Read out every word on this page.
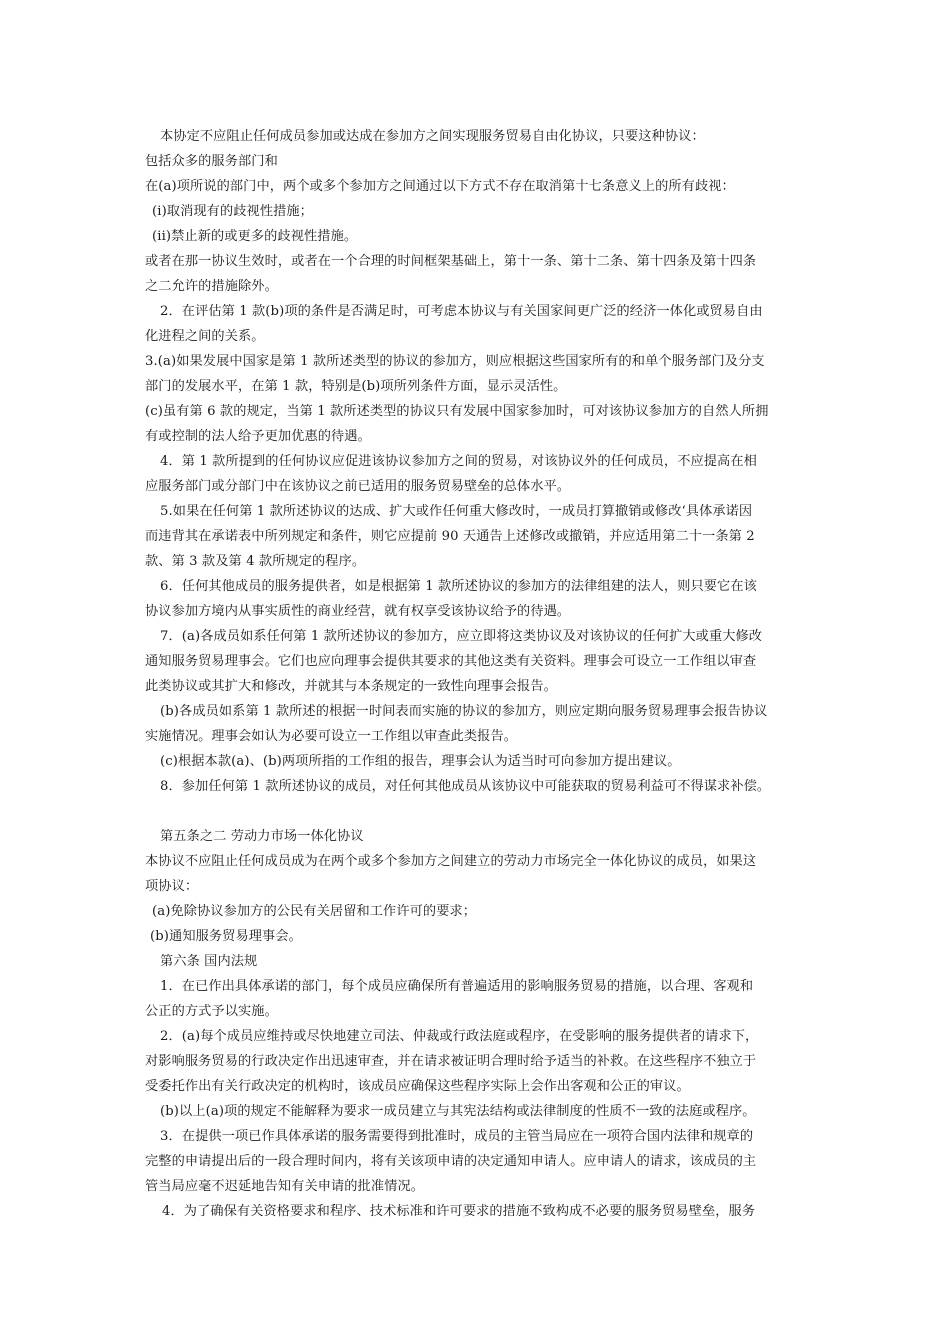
本协定不应阻止任何成员参加或达成在参加方之间实现服务贸易自由化协议，只要这种协议：
包括众多的服务部门和
在(a)项所说的部门中，两个或多个参加方之间通过以下方式不存在取消第十七条意义上的所有歧视：
(i)取消现有的歧视性措施；
(ii)禁止新的或更多的歧视性措施。
或者在那一协议生效时，或者在一个合理的时间框架基础上，第十一条、第十二条、第十四条及第十四条
之二允许的措施除外。
2．在评估第 1 款(b)项的条件是否满足时，可考虑本协议与有关国家间更广泛的经济一体化或贸易自由
化进程之间的关系。
3.(a)如果发展中国家是第 1 款所述类型的协议的参加方，则应根据这些国家所有的和单个服务部门及分支
部门的发展水平，在第 1 款，特别是(b)项所列条件方面，显示灵活性。
(c)虽有第 6 款的规定，当第 1 款所述类型的协议只有发展中国家参加时，可对该协议参加方的自然人所拥
有或控制的法人给予更加优惠的待遇。
4．第 1 款所提到的任何协议应促进该协议参加方之间的贸易，对该协议外的任何成员，不应提高在相
应服务部门或分部门中在该协议之前已适用的服务贸易壁垒的总体水平。
5.如果在任何第 1 款所述协议的达成、扩大或作任何重大修改时，一成员打算撤销或修改‘具体承诺因
而违背其在承诺表中所列规定和条件，则它应提前 90 天通告上述修改或撤销，并应适用第二十一条第 2
款、第 3 款及第 4 款所规定的程序。
6．任何其他成员的服务提供者，如是根据第 1 款所述协议的参加方的法律组建的法人，则只要它在该
协议参加方境内从事实质性的商业经营，就有权享受该协议给予的待遇。
7．(a)各成员如系任何第 1 款所述协议的参加方，应立即将这类协议及对该协议的任何扩大或重大修改
通知服务贸易理事会。它们也应向理事会提供其要求的其他这类有关资料。理事会可设立一工作组以审查
此类协议或其扩大和修改，并就其与本条规定的一致性向理事会报告。
(b)各成员如系第 1 款所述的根据一时间表而实施的协议的参加方，则应定期向服务贸易理事会报告协议
实施情况。理事会如认为必要可设立一工作组以审查此类报告。
(c)根据本款(a)、(b)两项所指的工作组的报告，理事会认为适当时可向参加方提出建议。
8．参加任何第 1 款所述协议的成员，对任何其他成员从该协议中可能获取的贸易利益可不得谋求补偿。
第五条之二 劳动力市场一体化协议
本协议不应阻止任何成员成为在两个或多个参加方之间建立的劳动力市场完全一体化协议的成员，如果这
项协议：
(a)免除协议参加方的公民有关居留和工作许可的要求；
(b)通知服务贸易理事会。
第六条 国内法规
1．在已作出具体承诺的部门，每个成员应确保所有普遍适用的影响服务贸易的措施，以合理、客观和
公正的方式予以实施。
2．(a)每个成员应维持或尽快地建立司法、仲裁或行政法庭或程序，在受影响的服务提供者的请求下，
对影响服务贸易的行政决定作出迅速审查，并在请求被证明合理时给予适当的补救。在这些程序不独立于
受委托作出有关行政决定的机构时，该成员应确保这些程序实际上会作出客观和公正的审议。
(b)以上(a)项的规定不能解释为要求一成员建立与其宪法结构或法律制度的性质不一致的法庭或程序。
3．在提供一项已作具体承诺的服务需要得到批准时，成员的主管当局应在一项符合国内法律和规章的
完整的申请提出后的一段合理时间内，将有关该项申请的决定通知申请人。应申请人的请求，该成员的主
管当局应毫不迟延地告知有关申请的批准情况。
4．为了确保有关资格要求和程序、技术标准和许可要求的措施不致构成不必要的服务贸易壁垒，服务
